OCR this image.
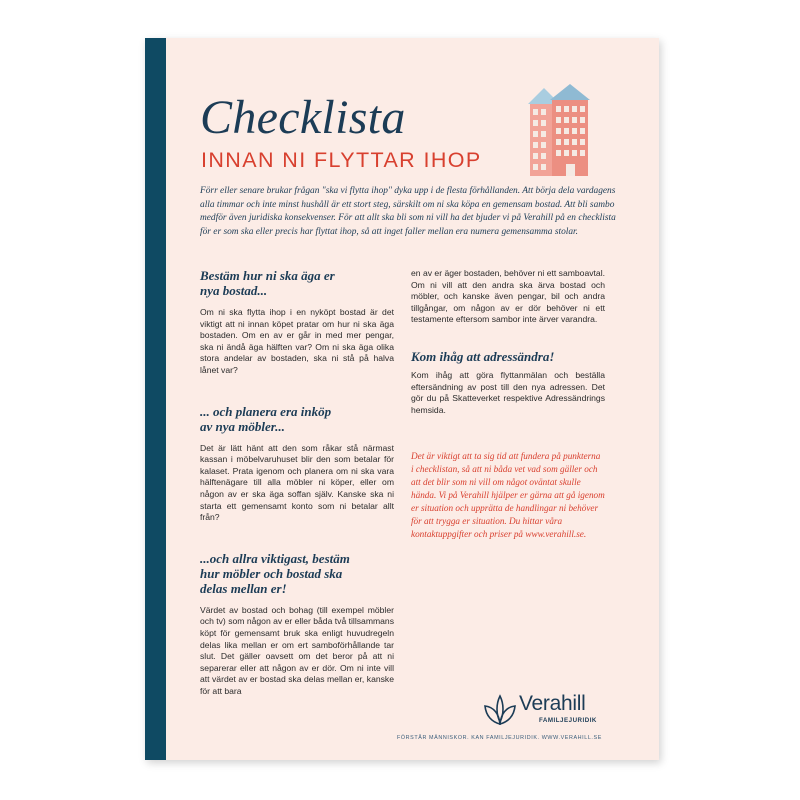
Checklista
INNAN NI FLYTTAR IHOP

Förr eller senare brukar frågan "ska vi flytta ihop" dyka upp i de flesta förhållanden. Att börja dela vardagens alla timmar och inte minst hushåll är ett stort steg, särskilt om ni ska köpa en gemensam bostad. Att bli sambo medför även juridiska konsekvenser. För att allt ska bli som ni vill ha det bjuder vi på Verahill på en checklista för er som ska eller precis har flyttat ihop, så att inget faller mellan era numera gemensamma stolar.

Bestäm hur ni ska äga er
nya bostad...

Om ni ska flytta ihop i en nyköpt bostad är det viktigt att ni innan köpet pratar om hur ni ska äga bostaden. Om en av er går in med mer pengar, ska ni ändå äga hälften var? Om ni ska äga olika stora andelar av bostaden, ska ni stå på halva lånet var?

... och planera era inköp
av nya möbler...

Det är lätt hänt att den som råkar stå närmast kassan i möbelvaruhuset blir den som betalar för kalaset. Prata igenom och planera om ni ska vara hälftenägare till alla möbler ni köper, eller om någon av er ska äga soffan själv. Kanske ska ni starta ett gemensamt konto som ni betalar allt från?

...och allra viktigast, bestäm
hur möbler och bostad ska
delas mellan er!

Värdet av bostad och bohag (till exempel möbler och tv) som någon av er eller båda två tillsammans köpt för gemensamt bruk ska enligt huvudregeln delas lika mellan er om ert samboförhållande tar slut. Det gäller oavsett om det beror på att ni separerar eller att någon av er dör. Om ni inte vill att värdet av er bostad ska delas mellan er, kanske för att bara

en av er äger bostaden, behöver ni ett samboavtal. Om ni vill att den andra ska ärva bostad och möbler, och kanske även pengar, bil och andra tillgångar, om någon av er dör behöver ni ett testamente eftersom sambor inte ärver varandra.

Kom ihåg att adressändra!

Kom ihåg att göra flyttanmälan och beställa eftersändning av post till den nya adressen. Det gör du på Skatteverket respektive Adressändrings hemsida.

Det är viktigt att ta sig tid att fundera på punkterna i checklistan, så att ni båda vet vad som gäller och att det blir som ni vill om något oväntat skulle hända. Vi på Verahill hjälper er gärna att gå igenom er situation och upprätta de handlingar ni behöver för att trygga er situation. Du hittar våra kontaktuppgifter och priser på www.verahill.se.

Verahill
FAMILJEJURIDIK
FÖRSTÅR MÄNNISKOR. KAN FAMILJEJURIDIK. WWW.VERAHILL.SE
